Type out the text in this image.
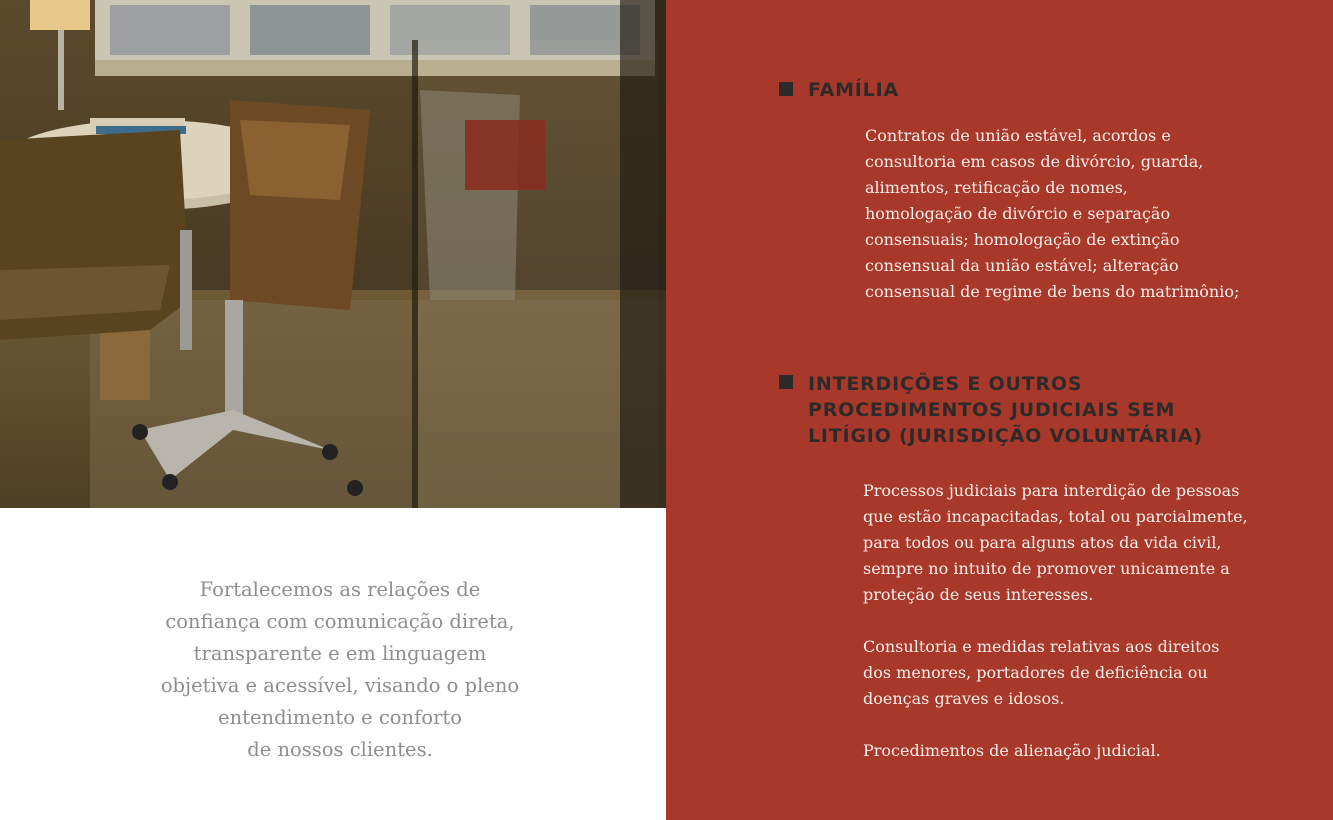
Fortalecemos as relações de
confiança com comunicação direta,
transparente e em linguagem
objetiva e acessível, visando o pleno
entendimento e conforto
de nossos clientes.

FAMÍLIA

Contratos de união estável, acordos e
consultoria em casos de divórcio, guarda,
alimentos, retificação de nomes,
homologação de divórcio e separação
consensuais; homologação de extinção
consensual da união estável; alteração
consensual de regime de bens do matrimônio;

INTERDIÇÕES E OUTROS
PROCEDIMENTOS JUDICIAIS SEM
LITÍGIO (JURISDIÇÃO VOLUNTÁRIA)

Processos judiciais para interdição de pessoas
que estão incapacitadas, total ou parcialmente,
para todos ou para alguns atos da vida civil,
sempre no intuito de promover unicamente a
proteção de seus interesses.

Consultoria e medidas relativas aos direitos
dos menores, portadores de deficiência ou
doenças graves e idosos.

Procedimentos de alienação judicial.
